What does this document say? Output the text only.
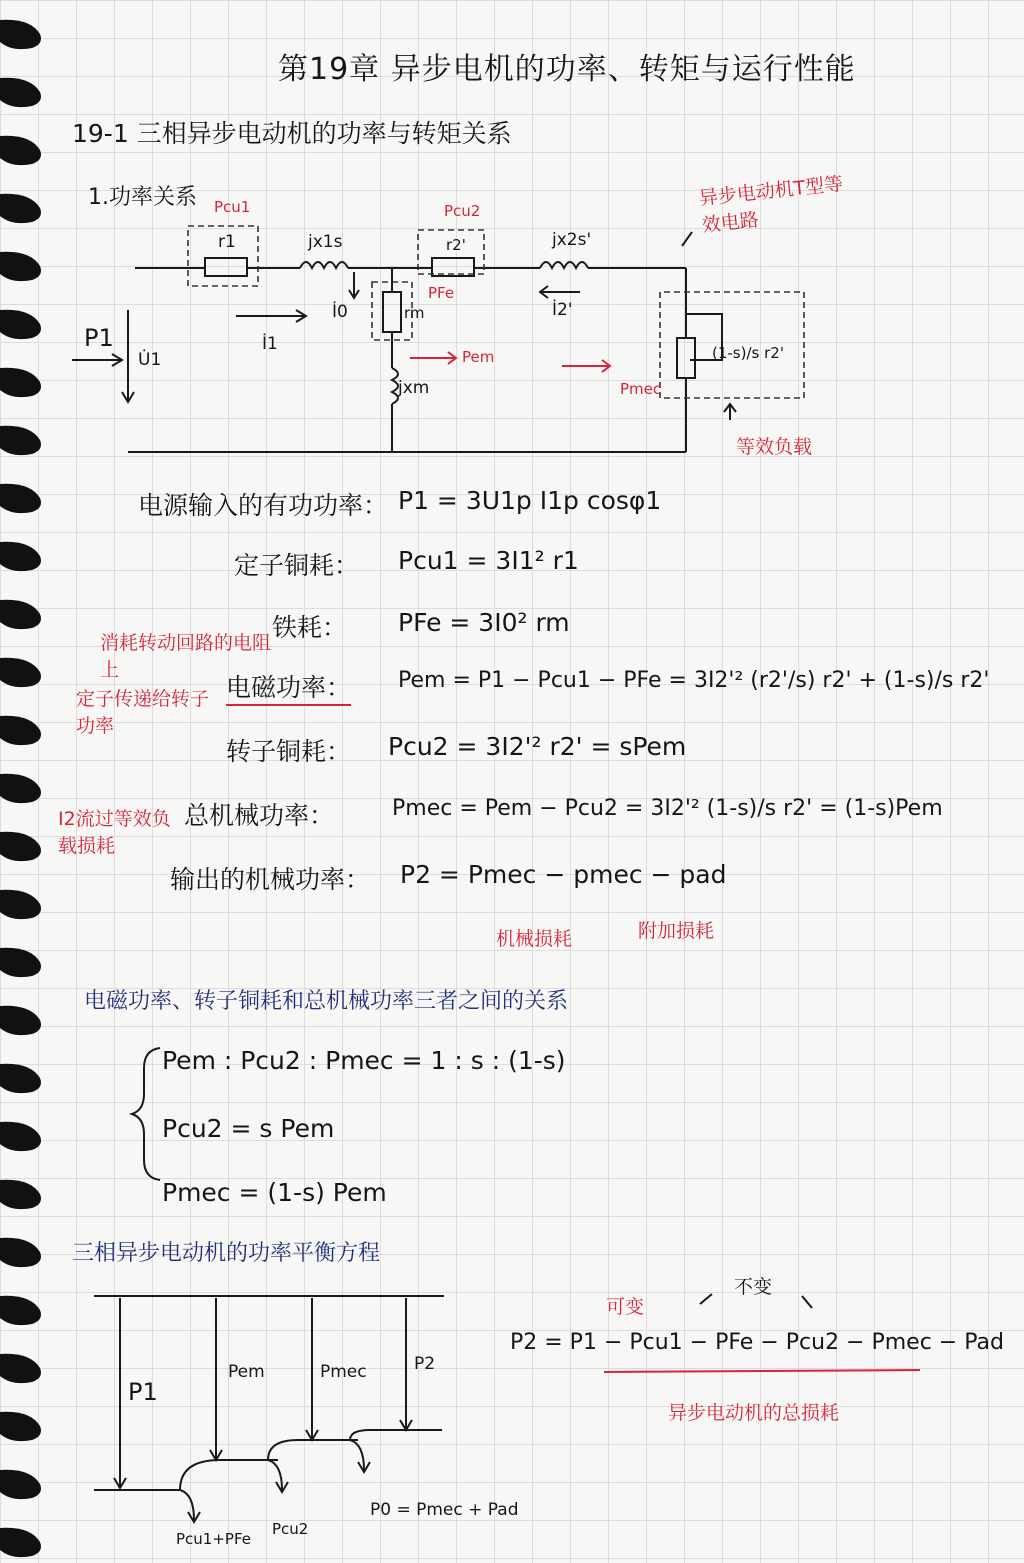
第19章 异步电机的功率、转矩与运行性能
19-1 三相异步电动机的功率与转矩关系
1.功率关系 Pcu1
r1	jx1s
Pcu2
r2'	jx2s'
İ0	rm
PFe
Pem
jxm
İ2'
İ1
P1
U̇1
Pmec
(1-s)/s r2'
异步电动机T型等效电路
等效负载
电源输入的有功功率： P1 = 3U1p I1p cosφ1
定子铜耗： Pcu1 = 3I1² r1
铁耗： PFe = 3I0² rm
电磁功率： Pem = P1 − Pcu1 − PFe = 3I2'² (r2'/s) r2' + (1-s)/s r2'
转子铜耗： Pcu2 = 3I2'² r2' = sPem
总机械功率：	Pmec = Pem − Pcu2 = 3I2'² (1-s)/s r2' = (1-s)Pem
输出的机械功率： P2 = Pmec − pmec − pad
消耗转动回路的电阻上
定子传递给转子功率
I2流过等效负载损耗
机械损耗	附加损耗
电磁功率、转子铜耗和总机械功率三者之间的关系
Pem : Pcu2 : Pmec = 1 : s : (1-s)
Pcu2 = s Pem
Pmec = (1-s) Pem
三相异步电动机的功率平衡方程
P1
Pem	Pmec	P2
Pcu1+PFe
Pcu2
P0 = Pmec + Pad
P2 = P1 − Pcu1 − PFe − Pcu2 − Pmec − Pad
可变
不变
异步电动机的总损耗
